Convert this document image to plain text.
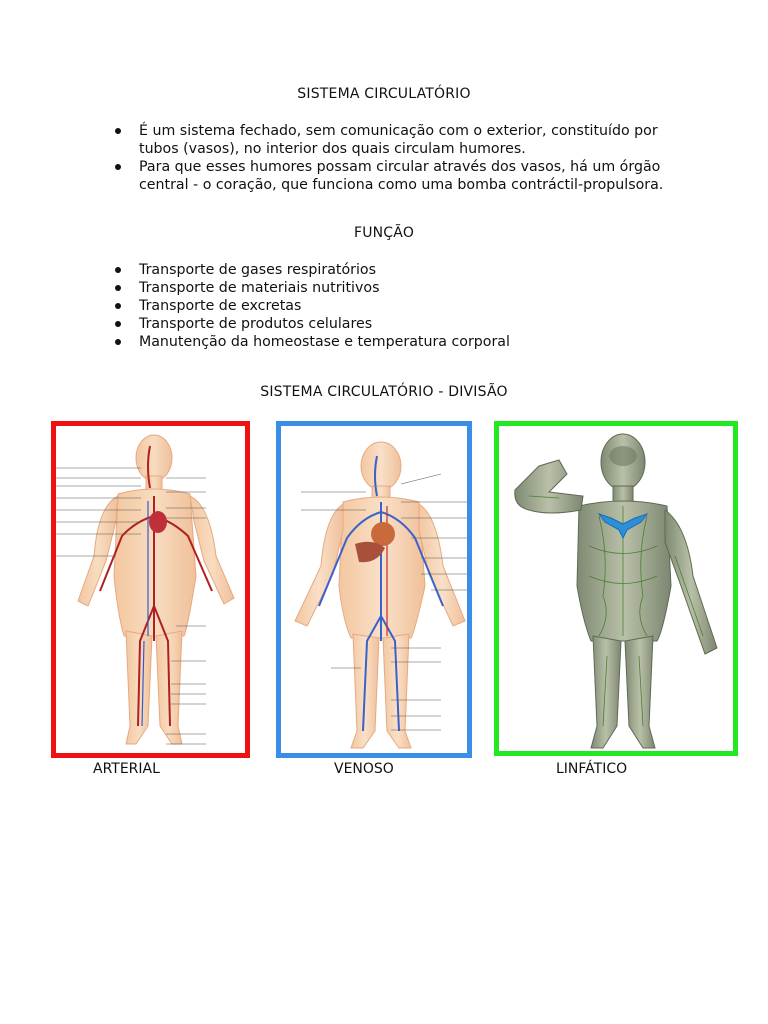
SISTEMA CIRCULATÓRIO
É um sistema fechado, sem comunicação com o exterior, constituído por tubos (vasos), no interior dos quais circulam humores.
Para que esses humores possam circular através dos vasos, há um órgão central - o coração, que funciona como uma bomba contráctil-propulsora.
FUNÇÃO
Transporte de gases respiratórios
Transporte de materiais nutritivos
Transporte de excretas
Transporte de produtos celulares
Manutenção da homeostase e temperatura corporal
SISTEMA CIRCULATÓRIO - DIVISÃO
ARTERIAL	VENOSO	LINFÁTICO
